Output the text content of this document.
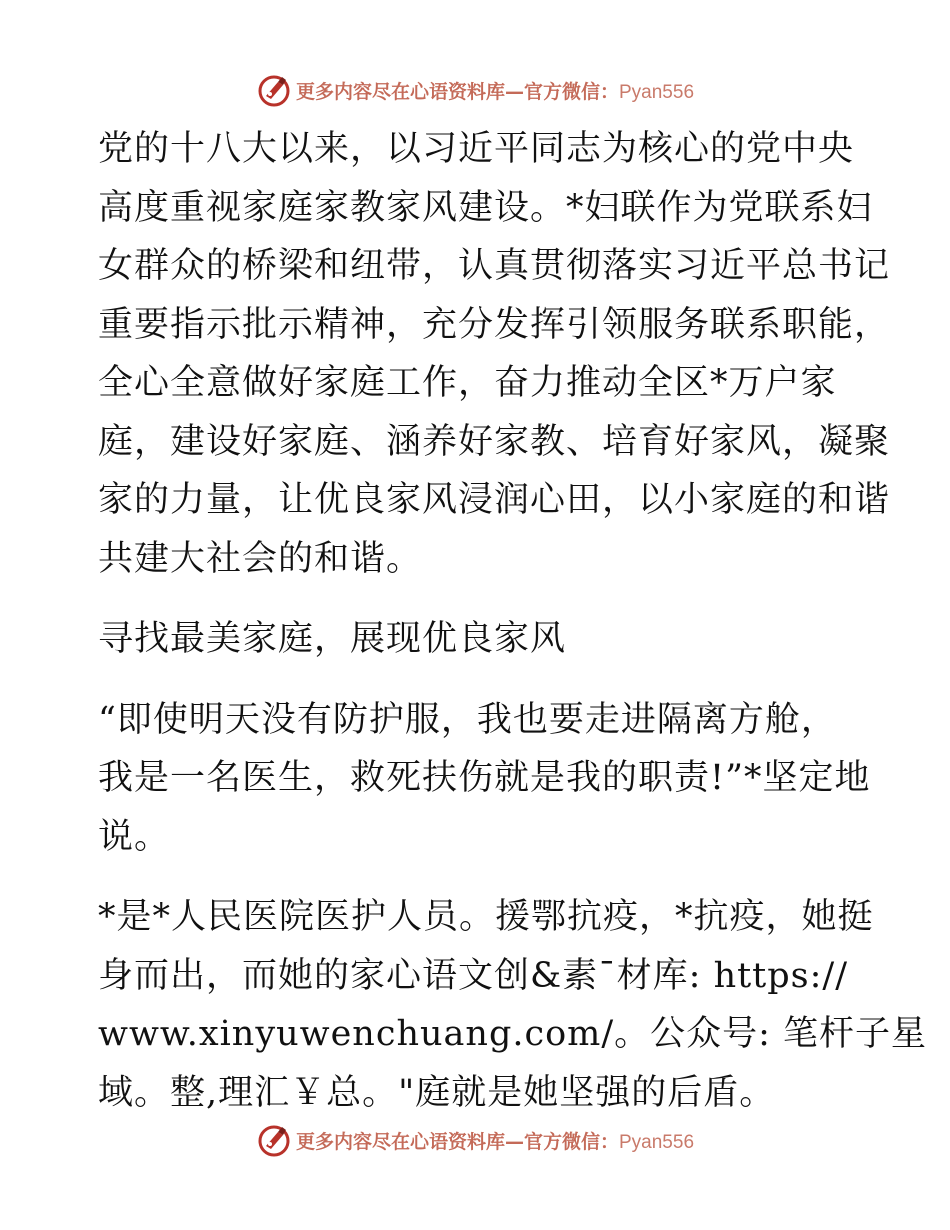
更多内容尽在心语资料库—官方微信：Pyan556

党的十八大以来，以习近平同志为核心的党中央
高度重视家庭家教家风建设。*妇联作为党联系妇
女群众的桥梁和纽带，认真贯彻落实习近平总书记
重要指示批示精神，充分发挥引领服务联系职能，
全心全意做好家庭工作，奋力推动全区*万户家
庭，建设好家庭、涵养好家教、培育好家风，凝聚
家的力量，让优良家风浸润心田，以小家庭的和谐
共建大社会的和谐。

寻找最美家庭，展现优良家风

“即使明天没有防护服，我也要走进隔离方舱，
我是一名医生，救死扶伤就是我的职责!”*坚定地
说。

*是*人民医院医护人员。援鄂抗疫，*抗疫，她挺
身而出，而她的家心语文创&素¯材库: https://
www.xinyuwenchuang.com/。公众号: 笔杆子星
域。整,理汇￥总。"庭就是她坚强的后盾。

更多内容尽在心语资料库—官方微信：Pyan556
